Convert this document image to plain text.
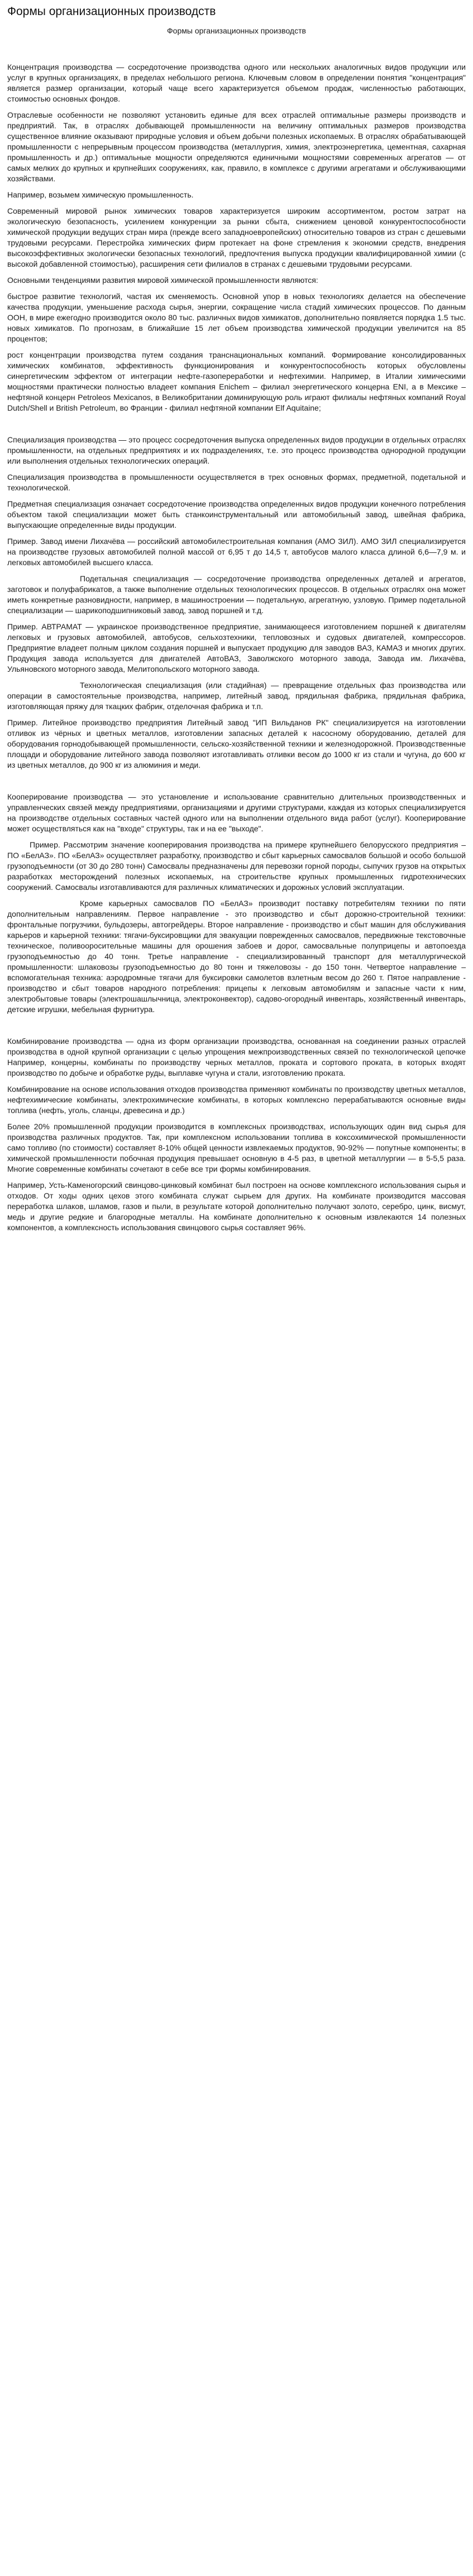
Формы организационных производств
Формы организационных производств

Концентрация производства — сосредоточение производства одного или нескольких аналогичных видов продукции или услуг в крупных организациях, в пределах небольшого региона. Ключевым словом в определении понятия "концентрация" является размер организации, который чаще всего характеризуется объемом продаж, численностью работающих, стоимостью основных фондов.

Отраслевые особенности не позволяют установить единые для всех отраслей оптимальные размеры производств и предприятий. Так, в отраслях добывающей промышленности на величину оптимальных размеров производства существенное влияние оказывают природные условия и объем добычи полезных ископаемых. В отраслях обрабатывающей промышленности с непрерывным процессом производства (металлургия, химия, электроэнергетика, цементная, сахарная промышленность и др.) оптимальные мощности определяются единичными мощностями современных агрегатов — от самых мелких до крупных и крупнейших сооружениях, как, правило, в комплексе с другими агрегатами и обслуживающими хозяйствами.

Например, возьмем химическую промышленность.

Современный мировой рынок химических товаров характеризуется широким ассортиментом, ростом затрат на экологическую безопасность, усилением конкуренции за рынки сбыта, снижением ценовой конкурентоспособности химической продукции ведущих стран мира (прежде всего западноевропейских) относительно товаров из стран с дешевыми трудовыми ресурсами. Перестройка химических фирм протекает на фоне стремления к экономии средств, внедрения высокоэффективных экологически безопасных технологий, предпочтения выпуска продукции квалифицированной химии (с высокой добавленной стоимостью), расширения сети филиалов в странах с дешевыми трудовыми ресурсами.

Основными тенденциями развития мировой химической промышленности являются:

быстрое развитие технологий, частая их сменяемость. Основной упор в новых технологиях делается на обеспечение качества продукции, уменьшение расхода сырья, энергии, сокращение числа стадий химических процессов. По данным ООН, в мире ежегодно производится около 80 тыс. различных видов химикатов, дополнительно появляется порядка 1.5 тыс. новых химикатов. По прогнозам, в ближайшие 15 лет объем производства химической продукции увеличится на 85 процентов;

рост концентрации производства путем создания транснациональных компаний. Формирование консолидированных химических комбинатов, эффективность функционирования и конкурентоспособность которых обусловлены синергетическим эффектом от интеграции нефте-газопереработки и нефтехимии. Например, в Италии химическими мощностями практически полностью владеет компания Enichem – филиал энергетического концерна ENI, а в Мексике – нефтяной концерн Petroleos Mexicanos, в Великобритании доминирующую роль играют филиалы нефтяных компаний Royal Dutch/Shell и British Petroleum, во Франции - филиал нефтяной компании Elf Aquitaine;

Специализация производства — это процесс сосредоточения выпуска определенных видов продукции в отдельных отраслях промышленности, на отдельных предприятиях и их подразделениях, т.е. это процесс производства однородной продукции или выполнения отдельных технологических операций.

Специализация производства в промышленности осуществляется в трех основных формах, предметной, подетальной и технологической.

Предметная специализация означает сосредоточение производства определенных видов продукции конечного потребления объектом такой специализации может быть станкоинструментальный или автомобильный завод, швейная фабрика, выпускающие определенные виды продукции.

Пример. Завод имени Лихачёва — российский автомобилестроительная компания (АМО ЗИЛ). АМО ЗИЛ специализируется на производстве грузовых автомобилей полной массой от 6,95 т до 14,5 т, автобусов малого класса длиной 6,6—7,9 м. и легковых автомобилей высшего класса.

Подетальная специализация — сосредоточение производства определенных деталей и агрегатов, заготовок и полуфабрикатов, а также выполнение отдельных технологических процессов. В отдельных отраслях она может иметь конкретные разновидности, например, в машиностроении — подетальную, агрегатную, узловую. Пример подетальной специализации — шарикоподшипниковый завод, завод поршней и т.д.

Пример. АВТРАМАТ — украинское производственное предприятие, занимающееся изготовлением поршней к двигателям легковых и грузовых автомобилей, автобусов, сельхозтехники, тепловозных и судовых двигателей, компрессоров. Предприятие владеет полным циклом создания поршней и выпускает продукцию для заводов ВАЗ, КАМАЗ и многих других. Продукция завода используется для двигателей АвтоВАЗ, Заволжского моторного завода, Завода им. Лихачёва, Ульяновского моторного завода, Мелитопольского моторного завода.

Технологическая специализация (или стадийная) — превращение отдельных фаз производства или операции в самостоятельные производства, например, литейный завод, прядильная фабрика, прядильная фабрика, изготовляющая пряжу для ткацких фабрик, отделочная фабрика и т.п.

Пример. Литейное производство предприятия Литейный завод "ИП Вильданов РК" специализируется на изготовлении отливок из чёрных и цветных металлов, изготовлении запасных деталей к насосному оборудованию, деталей для оборудования горнодобывающей промышленности, сельско-хозяйственной техники и железнодорожной. Производственные площади и оборудование литейного завода позволяют изготавливать отливки весом до 1000 кг из стали и чугуна, до 600 кг из цветных металлов, до 900 кг из алюминия и меди.

Кооперирование производства — это установление и использование сравнительно длительных производственных и управленческих связей между предприятиями, организациями и другими структурами, каждая из которых специализируется на производстве отдельных составных частей одного или на выполнении отдельного вида работ (услуг). Кооперирование может осуществляться как на "входе" структуры, так и на ее "выходе".

Пример. Рассмотрим значение кооперирования производства на примере крупнейшего белорусского предприятия – ПО «БелАЗ». ПО «БелАЗ» осуществляет разработку, производство и сбыт карьерных самосвалов большой и особо большой грузоподъемности (от 30 до 280 тонн) Самосвалы предназначены для перевозки горной породы, сыпучих грузов на открытых разработках месторождений полезных ископаемых, на строительстве крупных промышленных гидротехнических сооружений. Самосвалы изготавливаются для различных климатических и дорожных условий эксплуатации.

Кроме карьерных самосвалов ПО «БелАЗ» производит поставку потребителям техники по пяти дополнительным направлениям. Первое направление - это производство и сбыт дорожно-строительной техники: фронтальные погрузчики, бульдозеры, автогрейдеры. Второе направление - производство и сбыт машин для обслуживания карьеров и карьерной техники: тягачи-буксировщики для эвакуации поврежденных самосвалов, передвижные текстовочные техническое, поливооросительные машины для орошения забоев и дорог, самосвальные полуприцепы и автопоезда грузоподъемностью до 40 тонн. Третье направление - специализированный транспорт для металлургической промышленности: шлаковозы грузоподъемностью до 80 тонн и тяжеловозы - до 150 тонн. Четвертое направление – вспомогательная техника: аэродромные тягачи для буксировки самолетов взлетным весом до 260 т. Пятое направление - производство и сбыт товаров народного потребления: прицепы к легковым автомобилям и запасные части к ним, электробытовые товары (электрошашлычница, электроконвектор), садово-огородный инвентарь, хозяйственный инвентарь, детские игрушки, мебельная фурнитура.

Комбинирование производства — одна из форм организации производства, основанная на соединении разных отраслей производства в одной крупной организации с целью упрощения межпроизводственных связей по технологической цепочке Например, концерны, комбинаты по производству черных металлов, проката и сортового проката, в которых входят производство по добыче и обработке руды, выплавке чугуна и стали, изготовлению проката.

Комбинирование на основе использования отходов производства применяют комбинаты по производству цветных металлов, нефтехимические комбинаты, электрохимические комбинаты, в которых комплексно перерабатываются основные виды топлива (нефть, уголь, сланцы, древесина и др.)

Более 20% промышленной продукции производится в комплексных производствах, использующих один вид сырья для производства различных продуктов. Так, при комплексном использовании топлива в коксохимической промышленности само топливо (по стоимости) составляет 8-10% общей ценности извлекаемых продуктов, 90-92% — попутные компоненты; в химической промышленности побочная продукция превышает основную в 4-5 раз, в цветной металлургии — в 5-5,5 раза. Многие современные комбинаты сочетают в себе все три формы комбинирования.

Например, Усть-Каменогорский свинцово-цинковый комбинат был построен на основе комплексного использования сырья и отходов. От ходы одних цехов этого комбината служат сырьем для других. На комбинате производится массовая переработка шлаков, шламов, газов и пыли, в результате которой дополнительно получают золото, серебро, цинк, висмут, медь и другие редкие и благородные металлы. На комбинате дополнительно к основным извлекаются 14 полезных компонентов, а комплексность использования свинцового сырья составляет 96%.
